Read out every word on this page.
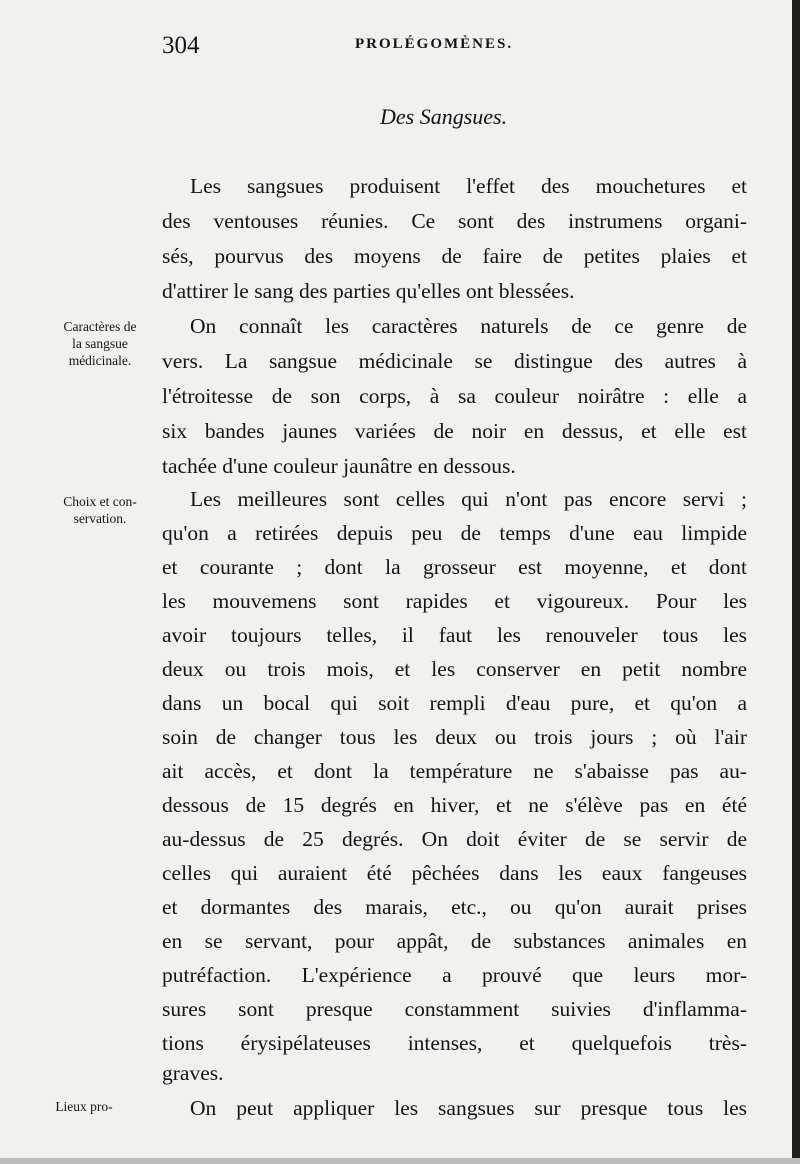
304	PROLÉGOMÈNES.

Des Sangsues.

Caractères de
la sangsue
médicinale.

Choix et con-
servation.

Lieux pro-

Les sangsues produisent l'effet des mouchetures et

des ventouses réunies. Ce sont des instrumens organi-

sés, pourvus des moyens de faire de petites plaies et

d'attirer le sang des parties qu'elles ont blessées.

On connaît les caractères naturels de ce genre de

vers. La sangsue médicinale se distingue des autres à

l'étroitesse de son corps, à sa couleur noirâtre : elle a

six bandes jaunes variées de noir en dessus, et elle est

tachée d'une couleur jaunâtre en dessous.

Les meilleures sont celles qui n'ont pas encore servi ;

qu'on a retirées depuis peu de temps d'une eau limpide

et courante ; dont la grosseur est moyenne, et dont

les mouvemens sont rapides et vigoureux. Pour les

avoir toujours telles, il faut les renouveler tous les

deux ou trois mois, et les conserver en petit nombre

dans un bocal qui soit rempli d'eau pure, et qu'on a

soin de changer tous les deux ou trois jours ; où l'air

ait accès, et dont la température ne s'abaisse pas au-

dessous de 15 degrés en hiver, et ne s'élève pas en été

au-dessus de 25 degrés. On doit éviter de se servir de

celles qui auraient été pêchées dans les eaux fangeuses

et dormantes des marais, etc., ou qu'on aurait prises

en se servant, pour appât, de substances animales en

putréfaction. L'expérience a prouvé que leurs mor-

sures sont presque constamment suivies d'inflamma-

tions érysipélateuses intenses, et quelquefois très-

graves.

On peut appliquer les sangsues sur presque tous les
